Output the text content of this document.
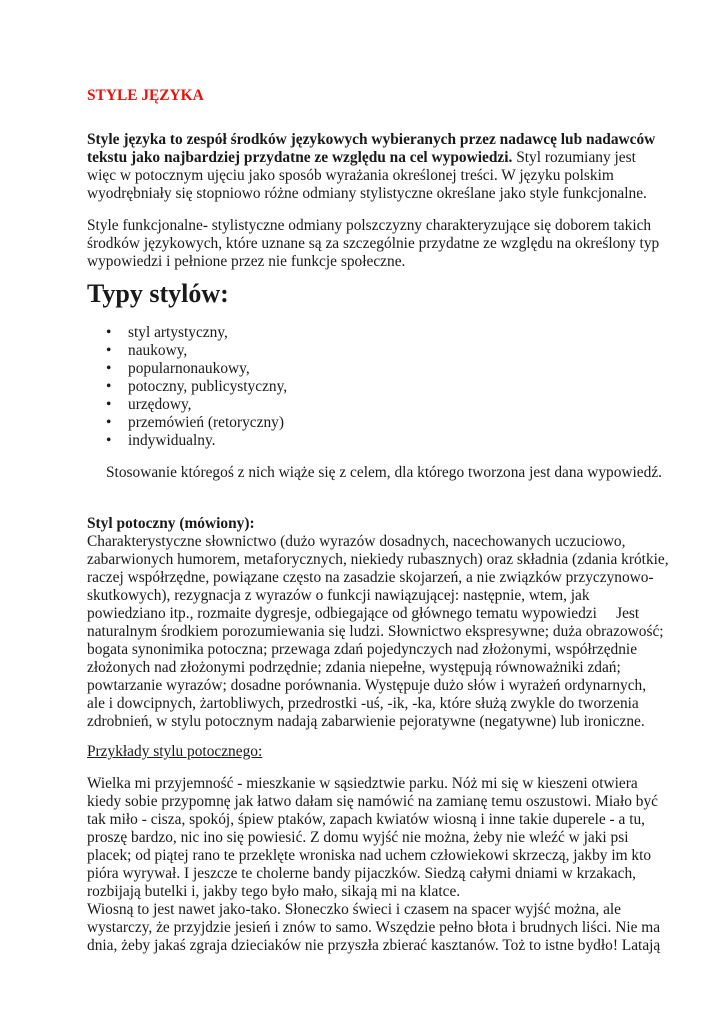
STYLE JĘZYKA
Style języka to zespół środków językowych wybieranych przez nadawcę lub nadawców
tekstu jako najbardziej przydatne ze względu na cel wypowiedzi. Styl rozumiany jest
więc w potocznym ujęciu jako sposób wyrażania określonej treści. W języku polskim
wyodrębniały się stopniowo różne odmiany stylistyczne określane jako style funkcjonalne.
Style funkcjonalne- stylistyczne odmiany polszczyzny charakteryzujące się doborem takich
środków językowych, które uznane są za szczególnie przydatne ze względu na określony typ
wypowiedzi i pełnione przez nie funkcje społeczne.
Typy stylów:
•	styl artystyczny,
•	naukowy,
•	popularnonaukowy,
•	potoczny, publicystyczny,
•	urzędowy,
•	przemówień (retoryczny)
•	indywidualny.
Stosowanie któregoś z nich wiąże się z celem, dla którego tworzona jest dana wypowiedź.
Styl potoczny (mówiony):
Charakterystyczne słownictwo (dużo wyrazów dosadnych, nacechowanych uczuciowo,
zabarwionych humorem, metaforycznych, niekiedy rubasznych) oraz składnia (zdania krótkie,
raczej współrzędne, powiązane często na zasadzie skojarzeń, a nie związków przyczynowo-
skutkowych), rezygnacja z wyrazów o funkcji nawiązującej: następnie, wtem, jak
powiedziano itp., rozmaite dygresje, odbiegające od głównego tematu wypowiedzi     Jest
naturalnym środkiem porozumiewania się ludzi. Słownictwo ekspresywne; duża obrazowość;
bogata synonimika potoczna; przewaga zdań pojedynczych nad złożonymi, współrzędnie
złożonych nad złożonymi podrzędnie; zdania niepełne, występują równoważniki zdań;
powtarzanie wyrazów; dosadne porównania. Występuje dużo słów i wyrażeń ordynarnych,
ale i dowcipnych, żartobliwych, przedrostki -uś, -ik, -ka, które służą zwykle do tworzenia
zdrobnień, w stylu potocznym nadają zabarwienie pejoratywne (negatywne) lub ironiczne.
Przykłady stylu potocznego:
Wielka mi przyjemność - mieszkanie w sąsiedztwie parku. Nóż mi się w kieszeni otwiera
kiedy sobie przypomnę jak łatwo dałam się namówić na zamianę temu oszustowi. Miało być
tak miło - cisza, spokój, śpiew ptaków, zapach kwiatów wiosną i inne takie duperele - a tu,
proszę bardzo, nic ino się powiesić. Z domu wyjść nie można, żeby nie wleźć w jaki psi
placek; od piątej rano te przeklęte wroniska nad uchem człowiekowi skrzeczą, jakby im kto
pióra wyrywał. I jeszcze te cholerne bandy pijaczków. Siedzą całymi dniami w krzakach,
rozbijają butelki i, jakby tego było mało, sikają mi na klatce.
Wiosną to jest nawet jako-tako. Słoneczko świeci i czasem na spacer wyjść można, ale
wystarczy, że przyjdzie jesień i znów to samo. Wszędzie pełno błota i brudnych liści. Nie ma
dnia, żeby jakaś zgraja dzieciaków nie przyszła zbierać kasztanów. Toż to istne bydło! Latają
